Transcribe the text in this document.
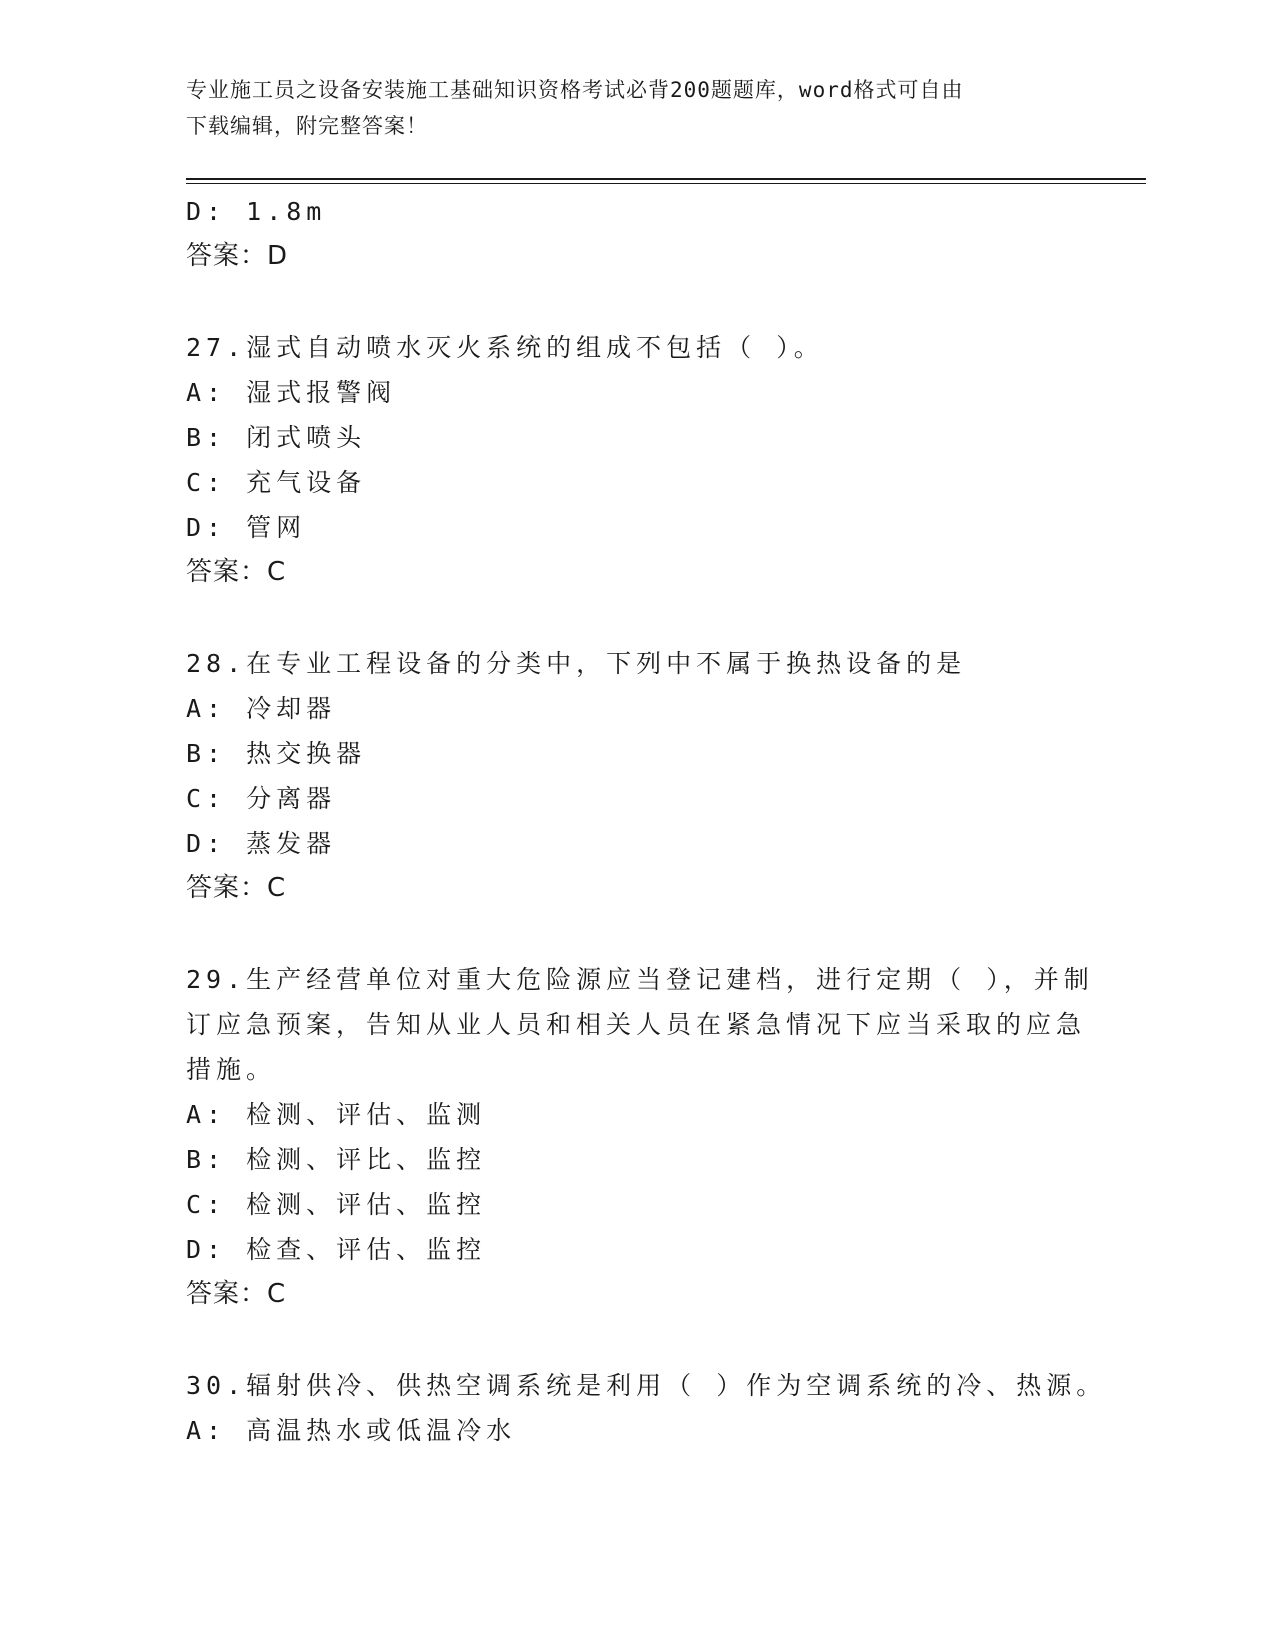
专业施工员之设备安装施工基础知识资格考试必背200题题库，word格式可自由
下载编辑，附完整答案！
D: 1.8m
答案：D
27.湿式自动喷水灭火系统的组成不包括（ ）。
A: 湿式报警阀
B: 闭式喷头
C: 充气设备
D: 管网
答案：C
28.在专业工程设备的分类中，下列中不属于换热设备的是
A: 冷却器
B: 热交换器
C: 分离器
D: 蒸发器
答案：C
29.生产经营单位对重大危险源应当登记建档，进行定期（ ），并制
订应急预案，告知从业人员和相关人员在紧急情况下应当采取的应急
措施。
A: 检测、评估、监测
B: 检测、评比、监控
C: 检测、评估、监控
D: 检查、评估、监控
答案：C
30.辐射供冷、供热空调系统是利用（ ）作为空调系统的冷、热源。
A: 高温热水或低温冷水
